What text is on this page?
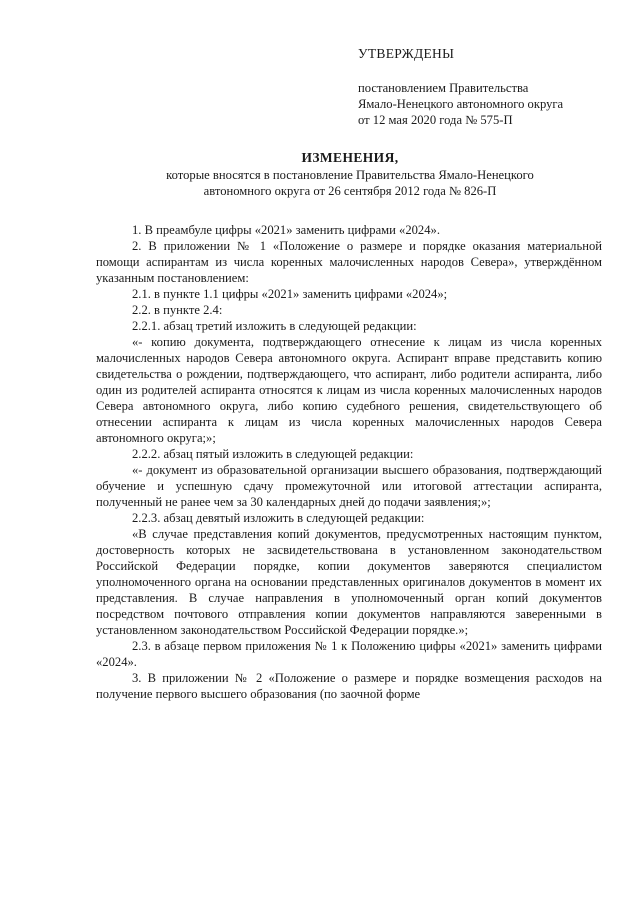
УТВЕРЖДЕНЫ
постановлением Правительства
Ямало-Ненецкого автономного округа
от 12 мая 2020 года № 575-П
ИЗМЕНЕНИЯ,
которые вносятся в постановление Правительства Ямало-Ненецкого
автономного округа от 26 сентября 2012 года № 826-П

1. В преамбуле цифры «2021» заменить цифрами «2024».

2. В приложении № 1 «Положение о размере и порядке оказания материальной помощи аспирантам из числа коренных малочисленных народов Севера», утверждённом указанным постановлением:

2.1. в пункте 1.1 цифры «2021» заменить цифрами «2024»;

2.2. в пункте 2.4:

2.2.1. абзац третий изложить в следующей редакции:

«- копию документа, подтверждающего отнесение к лицам из числа коренных малочисленных народов Севера автономного округа. Аспирант вправе представить копию свидетельства о рождении, подтверждающего, что аспирант, либо родители аспиранта, либо один из родителей аспиранта относятся к лицам из числа коренных малочисленных народов Севера автономного округа, либо копию судебного решения, свидетельствующего об отнесении аспиранта к лицам из числа коренных малочисленных народов Севера автономного округа;»;

2.2.2. абзац пятый изложить в следующей редакции:

«- документ из образовательной организации высшего образования, подтверждающий обучение и успешную сдачу промежуточной или итоговой аттестации аспиранта, полученный не ранее чем за 30 календарных дней до подачи заявления;»;

2.2.3. абзац девятый изложить в следующей редакции:

«В случае представления копий документов, предусмотренных настоящим пунктом, достоверность которых не засвидетельствована в установленном законодательством Российской Федерации порядке, копии документов заверяются специалистом уполномоченного органа на основании представленных оригиналов документов в момент их представления. В случае направления в уполномоченный орган копий документов посредством почтового отправления копии документов направляются заверенными в установленном законодательством Российской Федерации порядке.»;

2.3. в абзаце первом приложения № 1 к Положению цифры «2021» заменить цифрами «2024».

3. В приложении № 2 «Положение о размере и порядке возмещения расходов на получение первого высшего образования (по заочной форме
